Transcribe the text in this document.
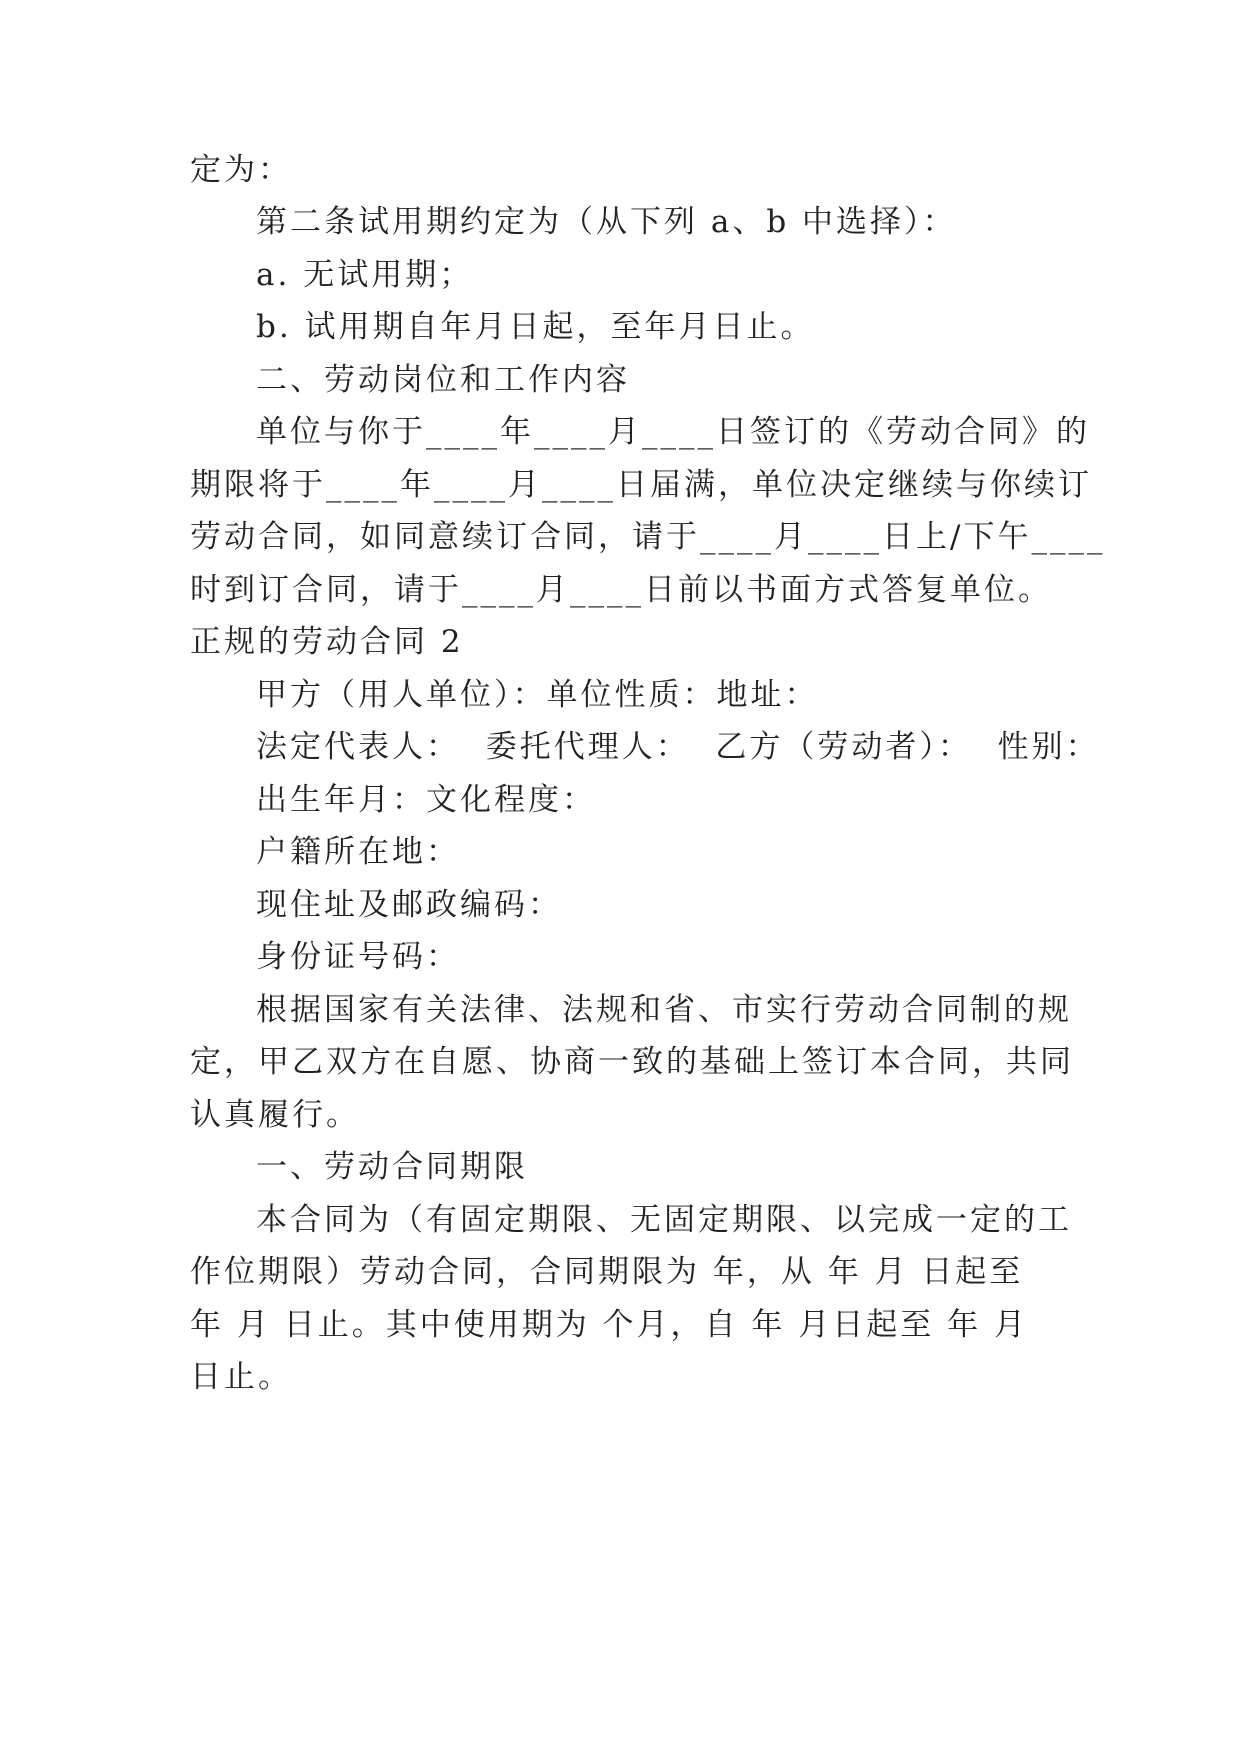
定为：

第二条试用期约定为（从下列 a、b 中选择）：

a. 无试用期；

b. 试用期自年月日起，至年月日止。

二、劳动岗位和工作内容

单位与你于____年____月____日签订的《劳动合同》的

期限将于____年____月____日届满，单位决定继续与你续订

劳动合同，如同意续订合同，请于____月____日上/下午____

时到订合同，请于____月____日前以书面方式答复单位。

正规的劳动合同 2

甲方（用人单位）：单位性质：地址：

法定代表人：  委托代理人：  乙方（劳动者）：  性别：

出生年月：文化程度：

户籍所在地：

现住址及邮政编码：

身份证号码：

根据国家有关法律、法规和省、市实行劳动合同制的规

定，甲乙双方在自愿、协商一致的基础上签订本合同，共同

认真履行。

一、劳动合同期限

本合同为（有固定期限、无固定期限、以完成一定的工

作位期限）劳动合同，合同期限为 年，从 年 月 日起至

年 月 日止。其中使用期为 个月，自 年 月日起至 年 月

日止。
